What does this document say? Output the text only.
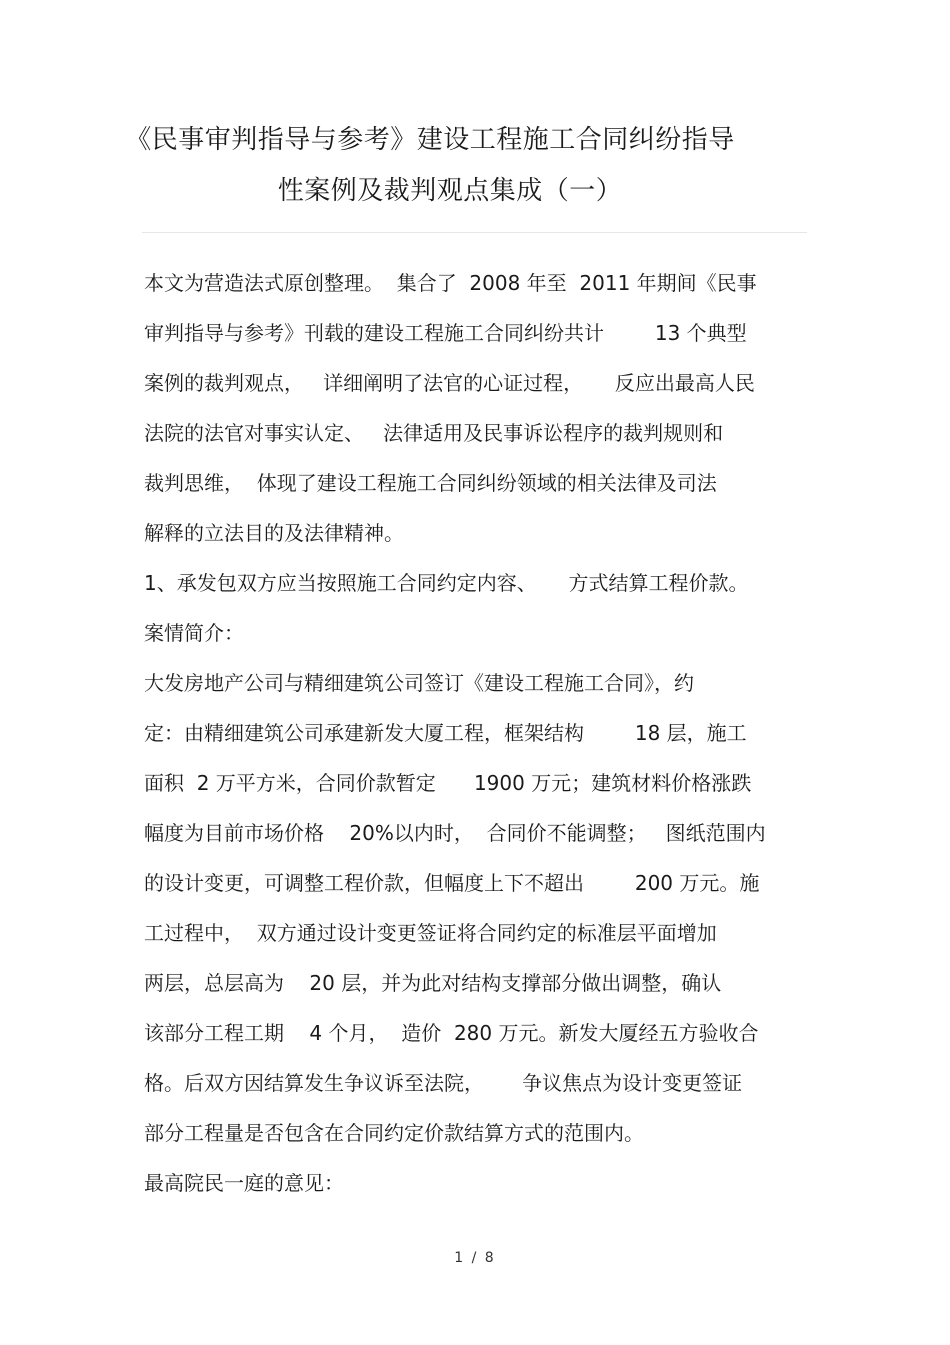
《民事审判指导与参考》建设工程施工合同纠纷指导
性案例及裁判观点集成（一）
本文为营造法式原创整理。  集合了  2008 年至  2011 年期间《民事
审判指导与参考》刊载的建设工程施工合同纠纷共计        13 个典型
案例的裁判观点，   详细阐明了法官的心证过程，     反应出最高人民
法院的法官对事实认定、   法律适用及民事诉讼程序的裁判规则和
裁判思维，  体现了建设工程施工合同纠纷领域的相关法律及司法
解释的立法目的及法律精神。
1、承发包双方应当按照施工合同约定内容、     方式结算工程价款。
案情简介：
大发房地产公司与精细建筑公司签订《建设工程施工合同》，约
定：由精细建筑公司承建新发大厦工程，框架结构        18 层，施工
面积  2 万平方米，合同价款暂定      1900 万元；建筑材料价格涨跌
幅度为目前市场价格    20%以内时，  合同价不能调整；   图纸范围内
的设计变更，可调整工程价款，但幅度上下不超出        200 万元。施
工过程中，  双方通过设计变更签证将合同约定的标准层平面增加
两层，总层高为    20 层，并为此对结构支撑部分做出调整，确认
该部分工程工期    4 个月，  造价  280 万元。新发大厦经五方验收合
格。后双方因结算发生争议诉至法院，      争议焦点为设计变更签证
部分工程量是否包含在合同约定价款结算方式的范围内。
最高院民一庭的意见：
1 / 8
